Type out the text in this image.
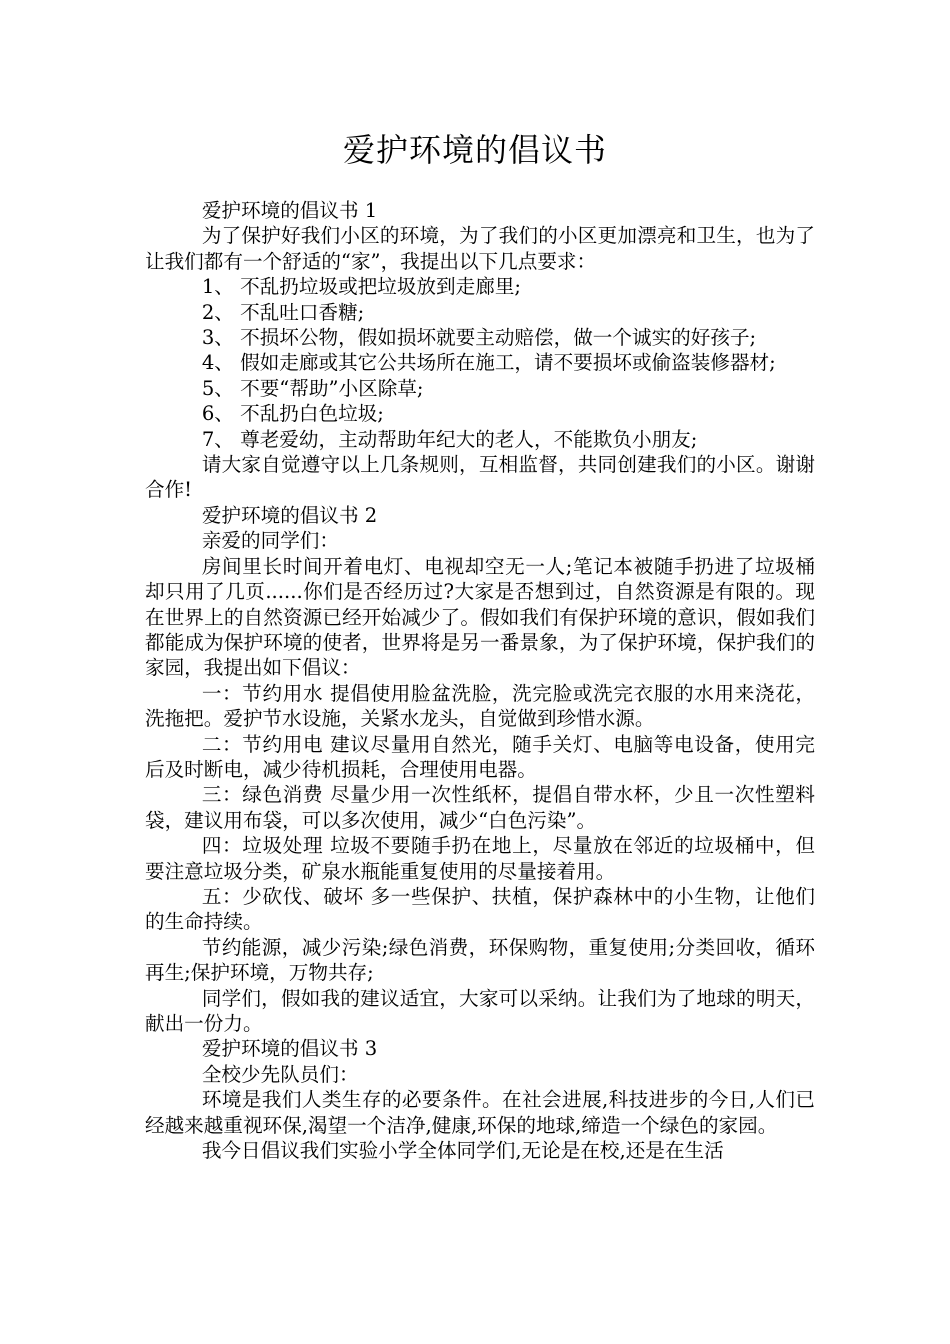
爱护环境的倡议书

爱护环境的倡议书 1

为了保护好我们小区的环境，为了我们的小区更加漂亮和卫生，也为了让我们都有一个舒适的“家”，我提出以下几点要求：

1、 不乱扔垃圾或把垃圾放到走廊里;

2、 不乱吐口香糖;

3、 不损坏公物，假如损坏就要主动赔偿，做一个诚实的好孩子;

4、 假如走廊或其它公共场所在施工，请不要损坏或偷盗装修器材;

5、 不要“帮助”小区除草;

6、 不乱扔白色垃圾;

7、 尊老爱幼，主动帮助年纪大的老人，不能欺负小朋友;

请大家自觉遵守以上几条规则，互相监督，共同创建我们的小区。谢谢合作!

爱护环境的倡议书 2

亲爱的同学们：

房间里长时间开着电灯、电视却空无一人;笔记本被随手扔进了垃圾桶却只用了几页......你们是否经历过?大家是否想到过，自然资源是有限的。现在世界上的自然资源已经开始减少了。假如我们有保护环境的意识，假如我们都能成为保护环境的使者，世界将是另一番景象，为了保护环境，保护我们的家园，我提出如下倡议：

一：节约用水 提倡使用脸盆洗脸，洗完脸或洗完衣服的水用来浇花，洗拖把。爱护节水设施，关紧水龙头，自觉做到珍惜水源。

二：节约用电 建议尽量用自然光，随手关灯、电脑等电设备，使用完后及时断电，减少待机损耗，合理使用电器。

三：绿色消费 尽量少用一次性纸杯，提倡自带水杯，少且一次性塑料袋，建议用布袋，可以多次使用，减少“白色污染”。

四：垃圾处理 垃圾不要随手扔在地上，尽量放在邻近的垃圾桶中，但要注意垃圾分类，矿泉水瓶能重复使用的尽量接着用。

五：少砍伐、破坏 多一些保护、扶植，保护森林中的小生物，让他们的生命持续。

节约能源，减少污染;绿色消费，环保购物，重复使用;分类回收，循环再生;保护环境，万物共存;

同学们，假如我的建议适宜，大家可以采纳。让我们为了地球的明天，献出一份力。

爱护环境的倡议书 3

全校少先队员们：

环境是我们人类生存的必要条件。在社会进展,科技进步的今日,人们已经越来越重视环保,渴望一个洁净,健康,环保的地球,缔造一个绿色的家园。

我今日倡议我们实验小学全体同学们,无论是在校,还是在生活
